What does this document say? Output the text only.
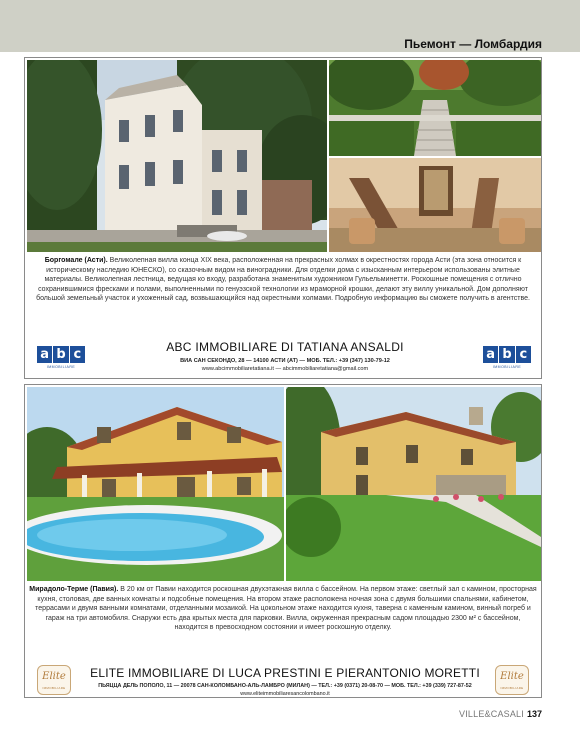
Пьемонт — Ломбардия
Боргомале (Асти). Великолепная вилла конца XIX века, расположенная на прекрасных холмах в окрестностях города Асти (эта зона относится к историческому наследию ЮНЕСКО), со сказочным видом на виноградники. Для отделки дома с изысканным интерьером использованы элитные материалы. Великолепная лестница, ведущая ко входу, разработана знаменитым художником Гульельминетти. Роскошные помещения с отлично сохранившимися фресками и полами, выполненными по генуэзской технологии из мраморной крошки, делают эту виллу уникальной. Дом дополняют большой земельный участок и ухоженный сад, возвышающийся над окрестными холмами. Подробную информацию вы сможете получить в агентстве.
a b c
IMMOBILIARE
ABC IMMOBILIARE DI TATIANA ANSALDI
ВИА САН СЕКОНДО, 28 — 14100 АСТИ (AT) — МОБ. ТЕЛ.: +39 (347) 130-79-12
www.abcimmobiliaretatiana.it — abcimmobiliaretatiana@gmail.com
a b c
IMMOBILIARE
Мирадоло-Терме (Павия). В 20 км от Павии находится роскошная двухэтажная вилла с бассейном. На первом этаже: светлый зал с камином, просторная кухня, столовая, две ванных комнаты и подсобные помещения. На втором этаже расположена ночная зона с двумя большими спальнями, кабинетом, террасами и двумя ванными комнатами, отделанными мозаикой. На цокольном этаже находится кухня, таверна с каменным камином, винный погреб и гараж на три автомобиля. Снаружи есть два крытых места для парковки. Вилла, окруженная прекрасным садом площадью 2300 м² с бассейном, находится в превосходном состоянии и имеет роскошную отделку.
Elite
IMMOBILIARE
ELITE IMMOBILIARE DI LUCA PRESTINI E PIERANTONIO MORETTI
ПЬЯЦЦА ДЕЛЬ ПОПОЛО, 11 — 20078 САН-КОЛОМБАНО-АЛЬ-ЛАМБРО (МИЛАН) — ТЕЛ.: +39 (0371) 20-08-70 — МОБ. ТЕЛ.: +39 (339) 727-87-52
www.eliteimmobiliaresancolombano.it
Elite
IMMOBILIARE
VILLE&CASALI 137
